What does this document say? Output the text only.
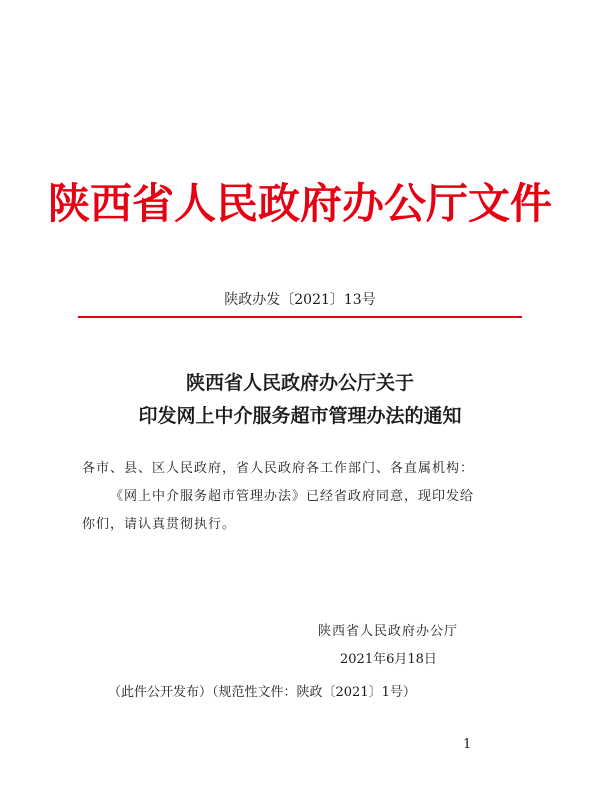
陕西省人民政府办公厅文件
陕政办发〔2021〕13号
陕西省人民政府办公厅关于
印发网上中介服务超市管理办法的通知
各市、县、区人民政府，省人民政府各工作部门、各直属机构：
《网上中介服务超市管理办法》已经省政府同意，现印发给
你们，请认真贯彻执行。
陕西省人民政府办公厅
2021年6月18日
（此件公开发布）（规范性文件：陕政〔2021〕1号）
1
